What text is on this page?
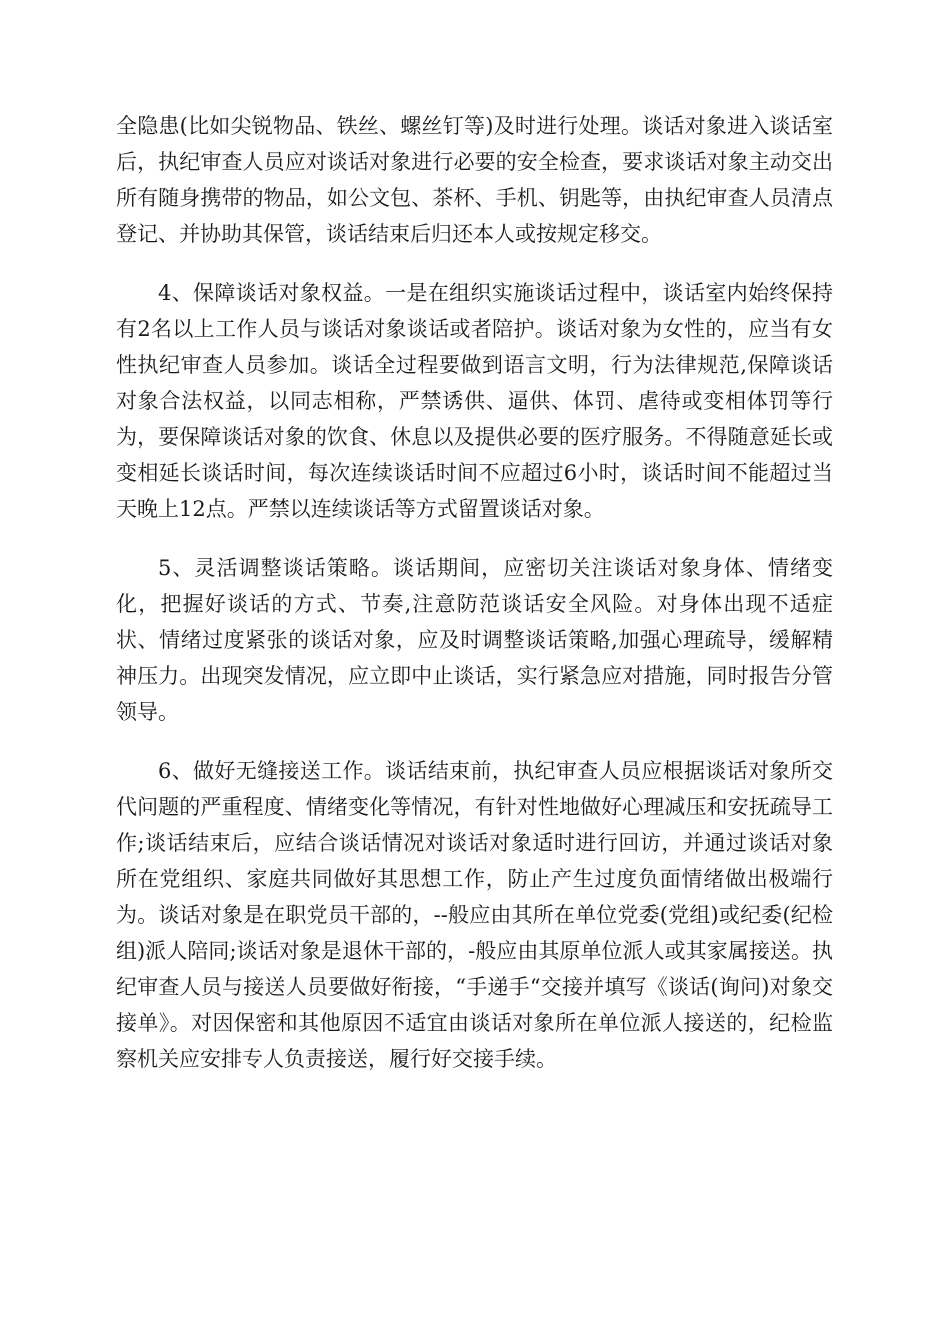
全隐患(比如尖锐物品、铁丝、螺丝钉等)及时进行处理。谈话对象进入谈话室后，执纪审查人员应对谈话对象进行必要的安全检查，要求谈话对象主动交出所有随身携带的物品，如公文包、茶杯、手机、钥匙等，由执纪审查人员清点登记、并协助其保管，谈话结束后归还本人或按规定移交。

4、保障谈话对象权益。一是在组织实施谈话过程中，谈话室内始终保持有2名以上工作人员与谈话对象谈话或者陪护。谈话对象为女性的，应当有女性执纪审查人员参加。谈话全过程要做到语言文明，行为法律规范,保障谈话对象合法权益，以同志相称，严禁诱供、逼供、体罚、虐待或变相体罚等行为，要保障谈话对象的饮食、休息以及提供必要的医疗服务。不得随意延长或变相延长谈话时间，每次连续谈话时间不应超过6小时，谈话时间不能超过当天晚上12点。严禁以连续谈话等方式留置谈话对象。

5、灵活调整谈话策略。谈话期间，应密切关注谈话对象身体、情绪变化，把握好谈话的方式、节奏,注意防范谈话安全风险。对身体出现不适症状、情绪过度紧张的谈话对象，应及时调整谈话策略,加强心理疏导，缓解精神压力。出现突发情况，应立即中止谈话，实行紧急应对措施，同时报告分管领导。

6、做好无缝接送工作。谈话结束前，执纪审查人员应根据谈话对象所交代问题的严重程度、情绪变化等情况，有针对性地做好心理减压和安抚疏导工作;谈话结束后，应结合谈话情况对谈话对象适时进行回访，并通过谈话对象所在党组织、家庭共同做好其思想工作，防止产生过度负面情绪做出极端行为。谈话对象是在职党员干部的，--般应由其所在单位党委(党组)或纪委(纪检组)派人陪同;谈话对象是退休干部的，-般应由其原单位派人或其家属接送。执纪审查人员与接送人员要做好衔接，“手递手“交接并填写《谈话(询问)对象交接单》。对因保密和其他原因不适宜由谈话对象所在单位派人接送的，纪检监察机关应安排专人负责接送，履行好交接手续。
